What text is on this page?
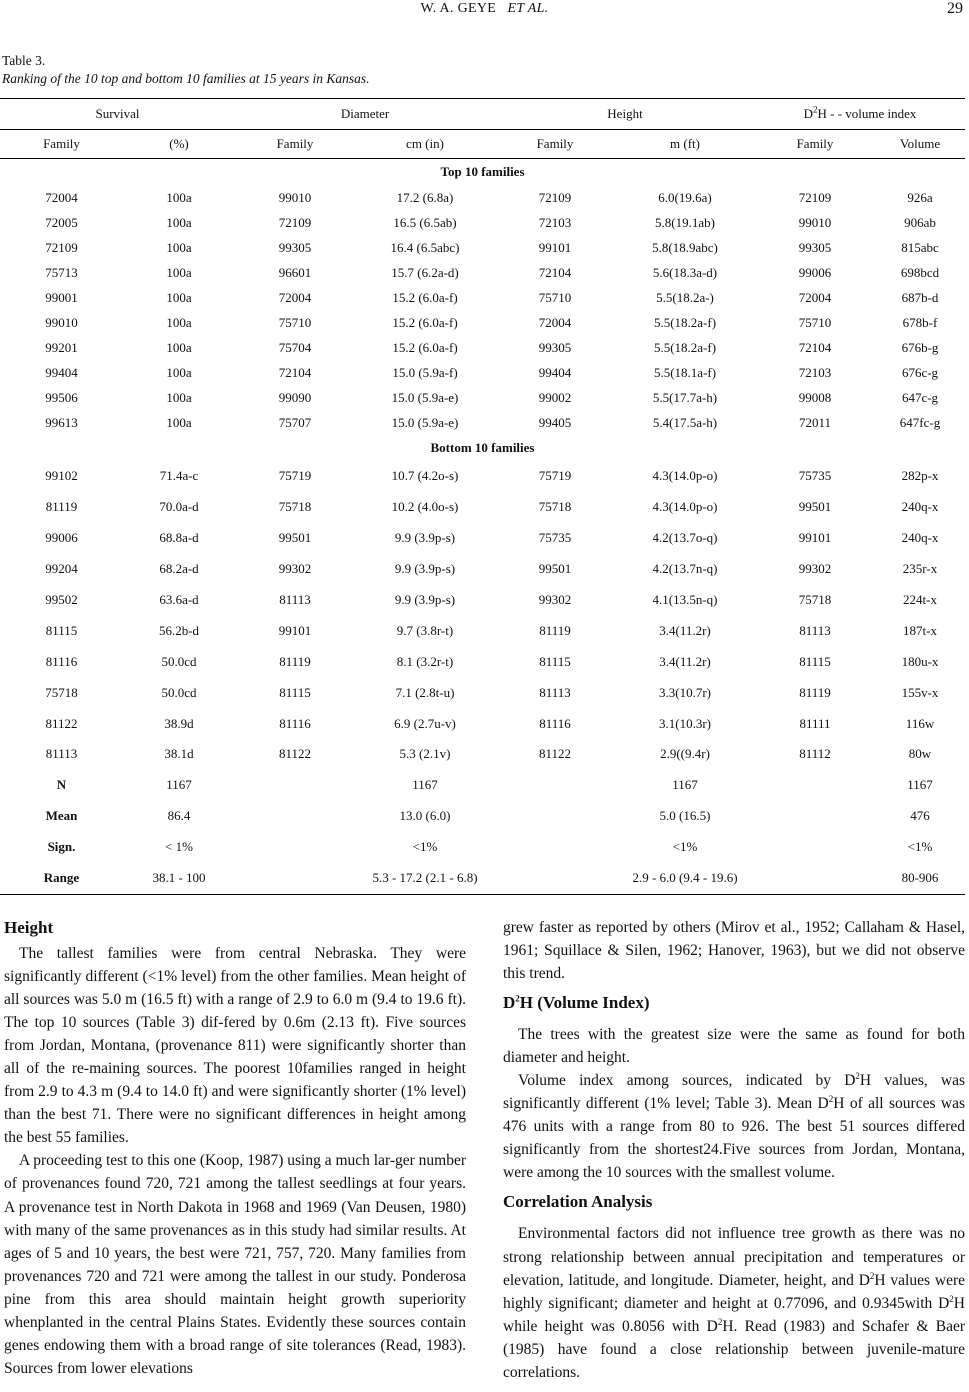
W. A. GEYE ET AL.	29
Table 3.
Ranking of the 10 top and bottom 10 families at 15 years in Kansas.
Survival		Diameter		Height		$D^2H$ - - volume index	
Family	(%)	Family	cm (in)	Family	m (ft)	Family	Volume
Top 10 families							
72004	100a	99010	17.2 (6.8a)	72109	6.0(19.6a)	72109	926a
72005	100a	72109	16.5 (6.5ab)	72103	5.8(19.1ab)	99010	906ab
72109	100a	99305	16.4 (6.5abc)	99101	5.8(18.9abc)	99305	815abc
75713	100a	96601	15.7 (6.2a-d)	72104	5.6(18.3a-d)	99006	698bcd
99001	100a	72004	15.2 (6.0a-f)	75710	5.5(18.2a-)	72004	687b-d
99010	100a	75710	15.2 (6.0a-f)	72004	5.5(18.2a-f)	75710	678b-f
99201	100a	75704	15.2 (6.0a-f)	99305	5.5(18.2a-f)	72104	676b-g
99404	100a	72104	15.0 (5.9a-f)	99404	5.5(18.1a-f)	72103	676c-g
99506	100a	99090	15.0 (5.9a-e)	99002	5.5(17.7a-h)	99008	647c-g
99613	100a	75707	15.0 (5.9a-e)	99405	5.4(17.5a-h)	72011	647fc-g
Bottom 10 families							
99102	71.4a-c	75719	10.7 (4.2o-s)	75719	4.3(14.0p-o)	75735	282p-x
81119	70.0a-d	75718	10.2 (4.0o-s)	75718	4.3(14.0p-o)	99501	240q-x
99006	68.8a-d	99501	9.9 (3.9p-s)	75735	4.2(13.7o-q)	99101	240q-x
99204	68.2a-d	99302	9.9 (3.9p-s)	99501	4.2(13.7n-q)	99302	235r-x
99502	63.6a-d	81113	9.9 (3.9p-s)	99302	4.1(13.5n-q)	75718	224t-x
81115	56.2b-d	99101	9.7 (3.8r-t)	81119	3.4(11.2r)	81113	187t-x
81116	50.0cd	81119	8.1 (3.2r-t)	81115	3.4(11.2r)	81115	180u-x
75718	50.0cd	81115	7.1 (2.8t-u)	81113	3.3(10.7r)	81119	155v-x
81122	38.9d	81116	6.9 (2.7u-v)	81116	3.1(10.3r)	81111	116w
81113	38.1d	81122	5.3 (2.1v)	81122	2.9((9.4r)	81112	80w
N	1167		1167		1167		1167
Mean	86.4		13.0 (6.0)		5.0 (16.5)		476
Sign.	< 1%		<1%		<1%		<1%
Range	38.1 - 100		5.3 - 17.2 (2.1 - 6.8)		2.9 - 6.0 (9.4 - 19.6)		80-906
Height

The tallest families were from central Nebraska. They were significantly different (<1% level) from the other families. Mean height of all sources was 5.0 m (16.5 ft) with a range of 2.9 to 6.0 m (9.4 to 19.6 ft). The top 10 sources (Table 3) dif-fered by 0.6m (2.13 ft). Five sources from Jordan, Montana, (provenance 811) were significantly shorter than all of the re-maining sources. The poorest 10families ranged in height from 2.9 to 4.3 m (9.4 to 14.0 ft) and were significantly shorter (1% level) than the best 71. There were no significant differences in height among the best 55 families.

A proceeding test to this one (Koop, 1987) using a much lar-ger number of provenances found 720, 721 among the tallest seedlings at four years. A provenance test in North Dakota in 1968 and 1969 (Van Deusen, 1980) with many of the same provenances as in this study had similar results. At ages of 5 and 10 years, the best were 721, 757, 720. Many families from provenances 720 and 721 were among the tallest in our study. Ponderosa pine from this area should maintain height growth superiority whenplanted in the central Plains States. Evidently these sources contain genes endowing them with a broad range of site tolerances (Read, 1983). Sources from lower elevations

grew faster as reported by others (Mirov et al., 1952; Callaham & Hasel, 1961; Squillace & Silen, 1962; Hanover, 1963), but we did not observe this trend.

$D^2H$ (Volume Index)

The trees with the greatest size were the same as found for both diameter and height.

Volume index among sources, indicated by $D^2H$ values, was significantly different (1% level; Table 3). Mean $D^2H$ of all sources was 476 units with a range from 80 to 926. The best 51 sources differed significantly from the shortest24.Five sources from Jordan, Montana, were among the 10 sources with the smallest volume.

Correlation Analysis

Environmental factors did not influence tree growth as there was no strong relationship between annual precipitation and temperatures or elevation, latitude, and longitude. Diameter, height, and $D^2H$ values were highly significant; diameter and height at 0.77096, and 0.9345with $D^2H$ while height was 0.8056 with $D^2H$. Read (1983) and Schafer & Baer (1985) have found a close relationship between juvenile-mature correlations.
